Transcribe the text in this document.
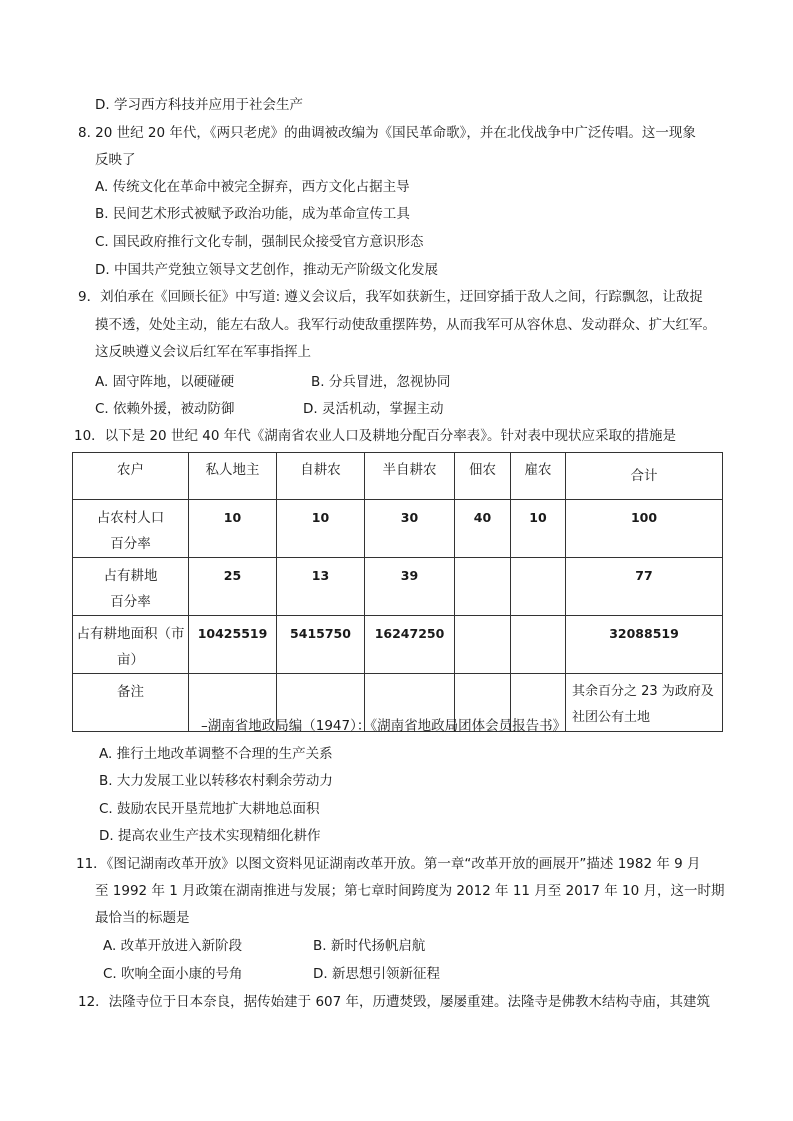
D. 学习西方科技并应用于社会生产
8. 20 世纪 20 年代，《两只老虎》的曲调被改编为《国民革命歌》，并在北伐战争中广泛传唱。这一现象
反映了
A. 传统文化在革命中被完全摒弃，西方文化占据主导
B. 民间艺术形式被赋予政治功能，成为革命宣传工具
C. 国民政府推行文化专制，强制民众接受官方意识形态
D. 中国共产党独立领导文艺创作，推动无产阶级文化发展
9．刘伯承在《回顾长征》中写道: 遵义会议后，我军如获新生，迂回穿插于敌人之间，行踪飘忽，让敌捉
摸不透，处处主动，能左右敌人。我军行动使敌重摆阵势，从而我军可从容休息、发动群众、扩大红军。
这反映遵义会议后红军在军事指挥上
A. 固守阵地，以硬碰硬	B. 分兵冒进，忽视协同
C. 依赖外援，被动防御	D. 灵活机动，掌握主动
10．以下是 20 世纪 40 年代《湖南省农业人口及耕地分配百分率表》。针对表中现状应采取的措施是
农户	私人地主	自耕农	半自耕农	佃农	雇农	合计

占农村人口
百分率	10	10	30	40	10	100

占有耕地
百分率	25	13	39			77

占有耕地面积（市
亩）	10425519	5415750	16247250			32088519
备注						其余百分之 23 为政府及
社团公有土地
–湖南省地政局编（1947）：《湖南省地政局团体会员报告书》
A. 推行土地改革调整不合理的生产关系
B. 大力发展工业以转移农村剩余劳动力
C. 鼓励农民开垦荒地扩大耕地总面积
D. 提高农业生产技术实现精细化耕作
11．《图记湖南改革开放》以图文资料见证湖南改革开放。第一章“改革开放的画展开”描述 1982 年 9 月
至 1992 年 1 月政策在湖南推进与发展；第七章时间跨度为 2012 年 11 月至 2017 年 10 月，这一时期
最恰当的标题是
A. 改革开放进入新阶段	B. 新时代扬帆启航
C. 吹响全面小康的号角	D. 新思想引领新征程
12．法隆寺位于日本奈良，据传始建于 607 年，历遭焚毁，屡屡重建。法隆寺是佛教木结构寺庙，其建筑
